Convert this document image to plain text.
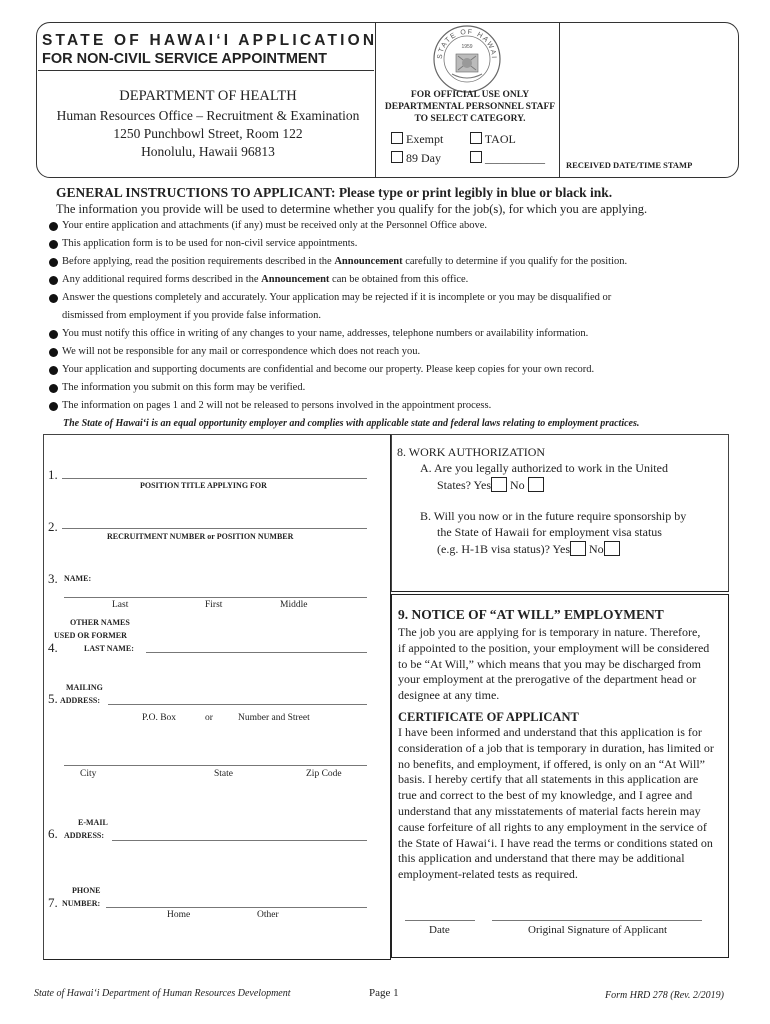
STATE OF HAWAI‘I APPLICATION
FOR NON-CIVIL SERVICE APPOINTMENT	STATE OF HAWAI
1959
DEPARTMENT OF HEALTH
Human Resources Office – Recruitment & Examination
1250 Punchbowl Street, Room 122
Honolulu, Hawaii 96813
FOR OFFICIAL USE ONLY
DEPARTMENTAL PERSONNEL STAFF
TO SELECT CATEGORY.
Exempt	TAOL
89 Day	__________ RECEIVED DATE/TIME STAMP
GENERAL INSTRUCTIONS TO APPLICANT: Please type or print legibly in blue or black ink.
The information you provide will be used to determine whether you qualify for the job(s), for which you are applying.
Your entire application and attachments (if any) must be received only at the Personnel Office above.
This application form is to be used for non-civil service appointments.
Before applying, read the position requirements described in the Announcement carefully to determine if you qualify for the position.
Any additional required forms described in the Announcement can be obtained from this office.
Answer the questions completely and accurately. Your application may be rejected if it is incomplete or you may be disqualified or
dismissed from employment if you provide false information.
You must notify this office in writing of any changes to your name, addresses, telephone numbers or availability information.
We will not be responsible for any mail or correspondence which does not reach you.
Your application and supporting documents are confidential and become our property. Please keep copies for your own record.
The information you submit on this form may be verified.
The information on pages 1 and 2 will not be released to persons involved in the appointment process.
The State of Hawai‘i is an equal opportunity employer and complies with applicable state and federal laws relating to employment practices.
1.
POSITION TITLE APPLYING FOR
2.
RECRUITMENT NUMBER or POSITION NUMBER
3. NAME:
Last	First	Middle
OTHER NAMES
USED OR FORMER
4.	LAST NAME:
MAILING
5. ADDRESS:
P.O. Box	or	Number and Street
City	State	Zip Code
E-MAIL
6. ADDRESS:
PHONE
7. NUMBER:
Home	Other
8. WORK AUTHORIZATION
A. Are you legally authorized to work in the United
States? Yes No
B. Will you now or in the future require sponsorship by
the State of Hawaii for employment visa status
(e.g. H-1B visa status)? Yes No
9. NOTICE OF “AT WILL” EMPLOYMENT
The job you are applying for is temporary in nature. Therefore,
if appointed to the position, your employment will be considered
to be “At Will,” which means that you may be discharged from
your employment at the prerogative of the department head or
designee at any time.
CERTIFICATE OF APPLICANT
I have been informed and understand that this application is for
consideration of a job that is temporary in duration, has limited or
no benefits, and employment, if offered, is only on an “At Will”
basis. I hereby certify that all statements in this application are
true and correct to the best of my knowledge, and I agree and
understand that any misstatements of material facts herein may
cause forfeiture of all rights to any employment in the service of
the State of Hawai‘i. I have read the terms or conditions stated on
this application and understand that there may be additional
employment-related tests as required.
Date	Original Signature of Applicant
State of Hawai‘i Department of Human Resources Development	Page 1	Form HRD 278 (Rev. 2/2019)
